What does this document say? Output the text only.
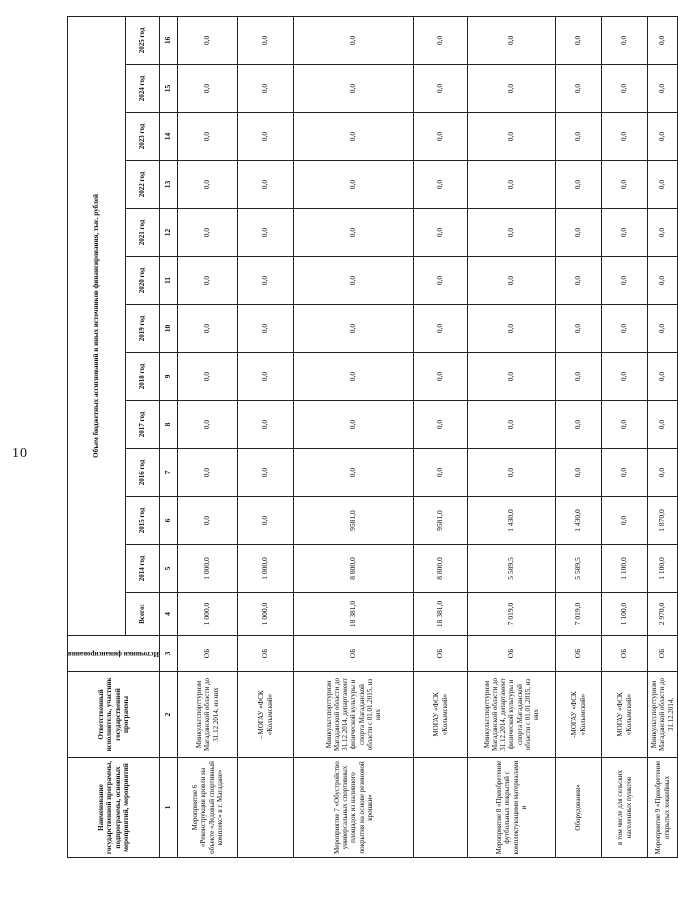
10
Наименование государственной программы, подпрограммы, основных мероприятий, мероприятий	Ответственный исполнитель, участник государственной программы	Источники финансирования	Объем бюджетных ассигнований и иных источников финансирования, тыс. рублей												
			Всего:	2014 год	2015 год	2016 год	2017 год	2018 год	2019 год	2020 год	2021 год	2022 год	2023 год	2024 год	2025 год
1	2	3	4	5	6	7	8	9	10	11	12	13	14	15	16
Мероприятие 6 «Реконструкция кровли на объекте «Ледовый спортивный комплекс» в г. Магадане»	Минкультспорттуризм Магаданской области до 31.12.2014, из них	ОБ	1 000,0	1 000,0	0,0	0,0	0,0	0,0	0,0	0,0	0,0	0,0	0,0	0,0	0,0
	- МОГАУ «ФСК «Колымский»	ОБ	1 000,0	1 000,0	0,0	0,0	0,0	0,0	0,0	0,0	0,0	0,0	0,0	0,0	0,0
Мероприятие 7 «Обустройство универсальных спортивных площадок из наливного покрытия на основе резиновой крошки»	Минкультспорттуризм Магаданской области до 31.12.2014, департамент физической культуры и спорта Магаданской области с 01.01.2015, из них	ОБ	18 381,0	8 800,0	9581,0	0,0	0,0	0,0	0,0	0,0	0,0	0,0	0,0	0,0	0,0
	МОГАУ «ФСК «Колымский»	ОБ	18 381,0	8 800,0	9581,0	0,0	0,0	0,0	0,0	0,0	0,0	0,0	0,0	0,0	0,0
Мероприятие 8 «Приобретение футбольных покрытий с комплектующими материалами и	Минкультспорттуризм Магаданской области до 31.12.2014, департамент физической культуры и спорта Магаданской области с 01.01.2015, из них	ОБ	7 019,0	5 589,5	1 430,0	0,0	0,0	0,0	0,0	0,0	0,0	0,0	0,0	0,0	0,0
Оборудования»	-МОГАУ «ФСК «Колымский»	ОБ	7 019,0	5 589,5	1 430,0	0,0	0,0	0,0	0,0	0,0	0,0	0,0	0,0	0,0	0,0
в том числе для сельских населенных пунктов	МОГАУ «ФСК «Колымский»	ОБ	1 100,0	1 100,0	0,0	0,0	0,0	0,0	0,0	0,0	0,0	0,0	0,0	0,0	0,0
Мероприятие 9 «Приобретение открытых хоккейных	Минкультспорттуризм Магаданской области до 31.12.2014,	ОБ	2 970,0	1 100,0	1 870,0	0,0	0,0	0,0	0,0	0,0	0,0	0,0	0,0	0,0	0,0
